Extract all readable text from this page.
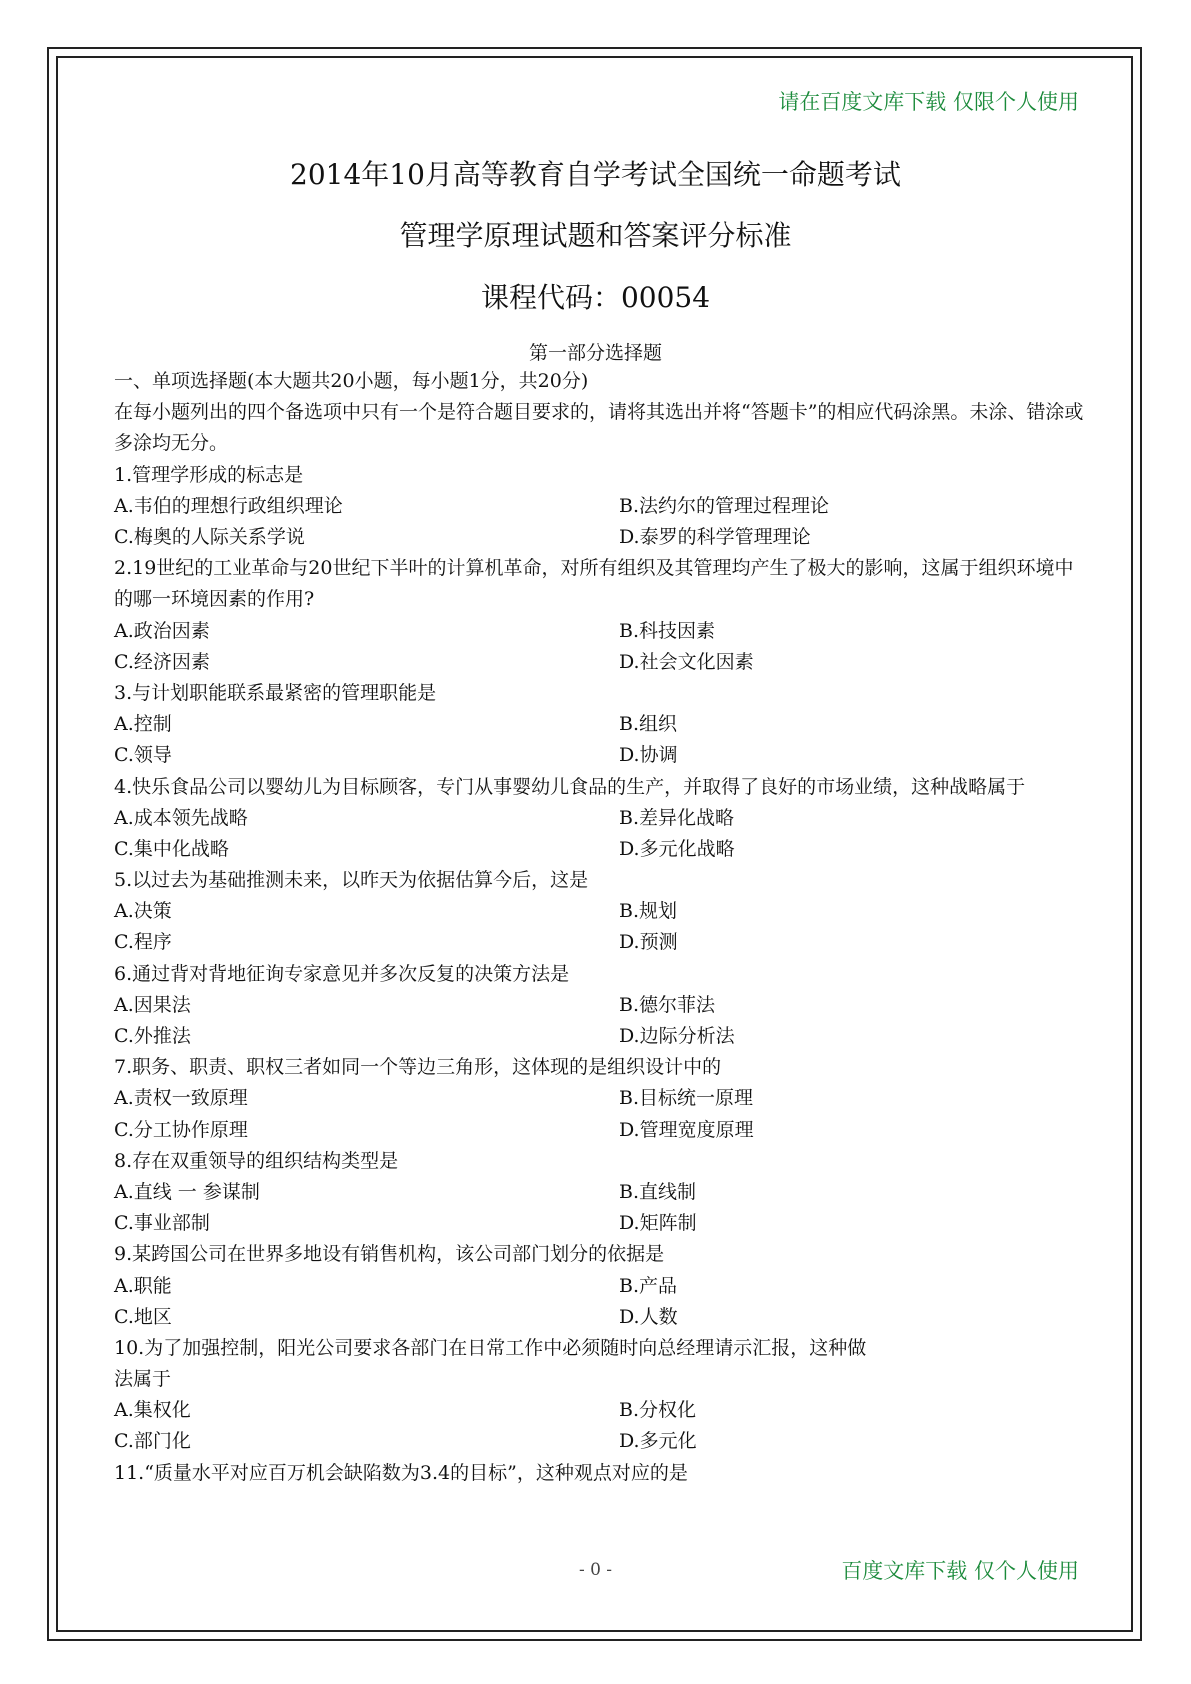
请在百度文库下载 仅限个人使用
2014年10月高等教育自学考试全国统一命题考试
管理学原理试题和答案评分标准
课程代码：00054
第一部分选择题
一、单项选择题(本大题共20小题，每小题1分，共20分)
在每小题列出的四个备选项中只有一个是符合题目要求的，请将其选出并将“答题卡”的相应代码涂黑。未涂、错涂或多涂均无分。
1.管理学形成的标志是
A.韦伯的理想行政组织理论	B.法约尔的管理过程理论
C.梅奥的人际关系学说	D.泰罗的科学管理理论
2.19世纪的工业革命与20世纪下半叶的计算机革命，对所有组织及其管理均产生了极大的影响，这属于组织环境中的哪一环境因素的作用?
A.政治因素	B.科技因素
C.经济因素	D.社会文化因素
3.与计划职能联系最紧密的管理职能是
A.控制	B.组织
C.领导	D.协调
4.快乐食品公司以婴幼儿为目标顾客，专门从事婴幼儿食品的生产，并取得了良好的市场业绩，这种战略属于
A.成本领先战略	B.差异化战略
C.集中化战略	D.多元化战略
5.以过去为基础推测未来，以昨天为依据估算今后，这是
A.决策	B.规划
C.程序	D.预测
6.通过背对背地征询专家意见并多次反复的决策方法是
A.因果法	B.德尔菲法
C.外推法	D.边际分析法
7.职务、职责、职权三者如同一个等边三角形，这体现的是组织设计中的
A.责权一致原理	B.目标统一原理
C.分工协作原理	D.管理宽度原理
8.存在双重领导的组织结构类型是
A.直线 一 参谋制	B.直线制
C.事业部制	D.矩阵制
9.某跨国公司在世界多地设有销售机构，该公司部门划分的依据是
A.职能	B.产品
C.地区	D.人数
10.为了加强控制，阳光公司要求各部门在日常工作中必须随时向总经理请示汇报，这种做
法属于
A.集权化	B.分权化
C.部门化	D.多元化
11.“质量水平对应百万机会缺陷数为3.4的目标”，这种观点对应的是
- 0 -	百度文库下载 仅个人使用
